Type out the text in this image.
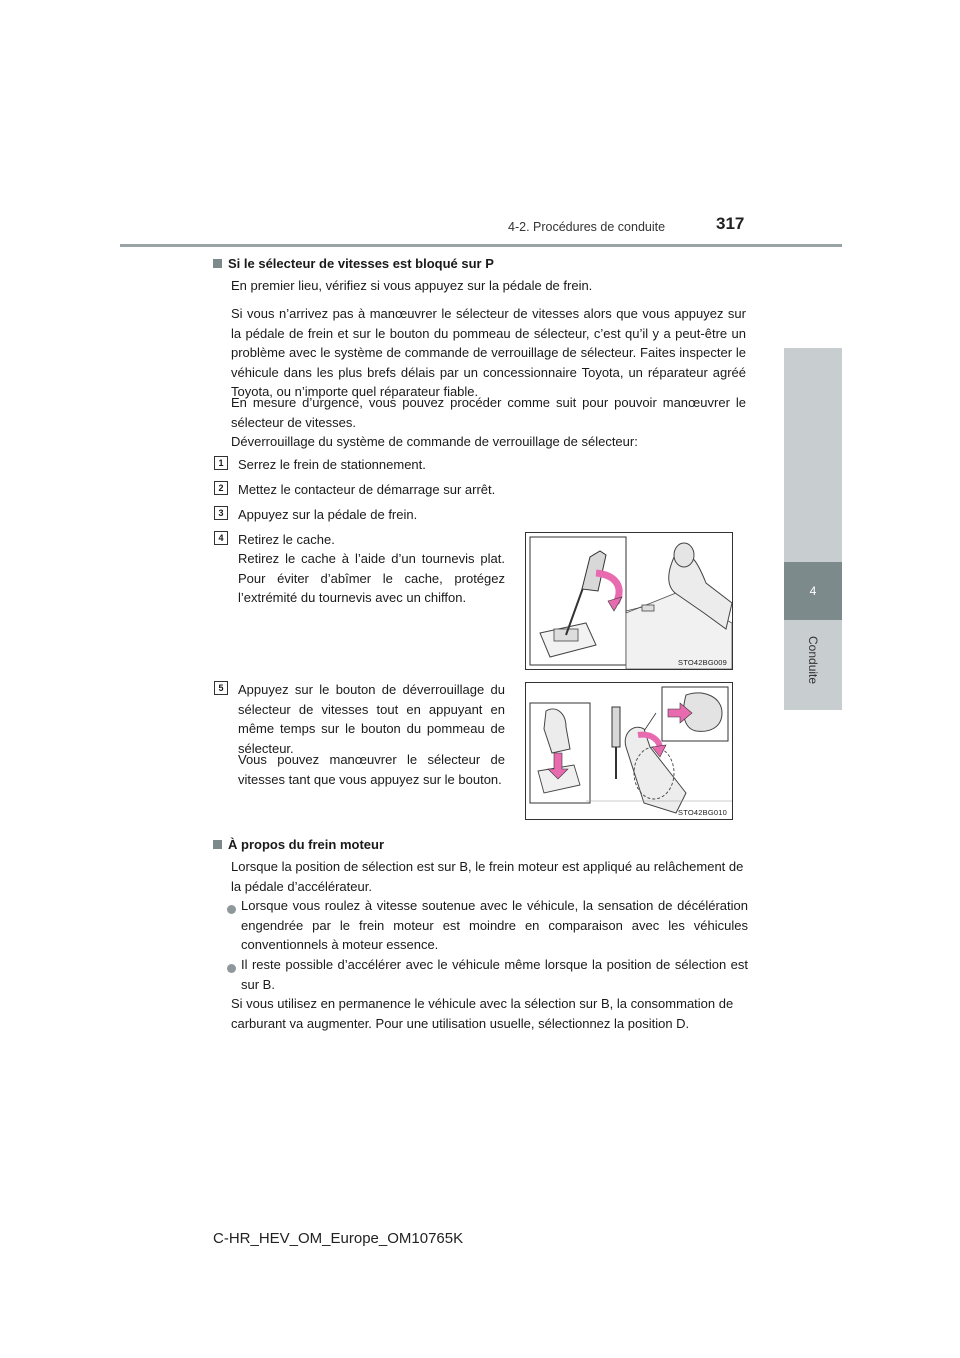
4-2. Procédures de conduite	317
4
Conduite
Si le sélecteur de vitesses est bloqué sur P
En premier lieu, vérifiez si vous appuyez sur la pédale de frein.
Si vous n’arrivez pas à manœuvrer le sélecteur de vitesses alors que vous appuyez sur la pédale de frein et sur le bouton du pommeau de sélecteur, c’est qu’il y a peut-être un problème avec le système de commande de verrouillage de sélecteur. Faites inspecter le véhicule dans les plus brefs délais par un concessionnaire Toyota, un réparateur agréé Toyota, ou n’importe quel réparateur fiable.
En mesure d’urgence, vous pouvez procéder comme suit pour pouvoir manœuvrer le sélecteur de vitesses.
Déverrouillage du système de commande de verrouillage de sélecteur:
1	Serrez le frein de stationnement.
2	Mettez le contacteur de démarrage sur arrêt.
3	Appuyez sur la pédale de frein.
4	Retirez le cache.
Retirez le cache à l’aide d’un tournevis plat. Pour éviter d’abîmer le cache, protégez l’extrémité du tournevis avec un chiffon.
STO42BG009
5	Appuyez sur le bouton de déverrouillage du sélecteur de vitesses tout en appuyant en même temps sur le bouton du pommeau de sélecteur.
Vous pouvez manœuvrer le sélecteur de vitesses tant que vous appuyez sur le bouton.
STO42BG010
À propos du frein moteur
Lorsque la position de sélection est sur B, le frein moteur est appliqué au relâchement de la pédale d’accélérateur.
Lorsque vous roulez à vitesse soutenue avec le véhicule, la sensation de décélération engendrée par le frein moteur est moindre en comparaison avec les véhicules conventionnels à moteur essence.
Il reste possible d’accélérer avec le véhicule même lorsque la position de sélection est sur B.
Si vous utilisez en permanence le véhicule avec la sélection sur B, la consommation de carburant va augmenter. Pour une utilisation usuelle, sélectionnez la position D.
C-HR_HEV_OM_Europe_OM10765K
